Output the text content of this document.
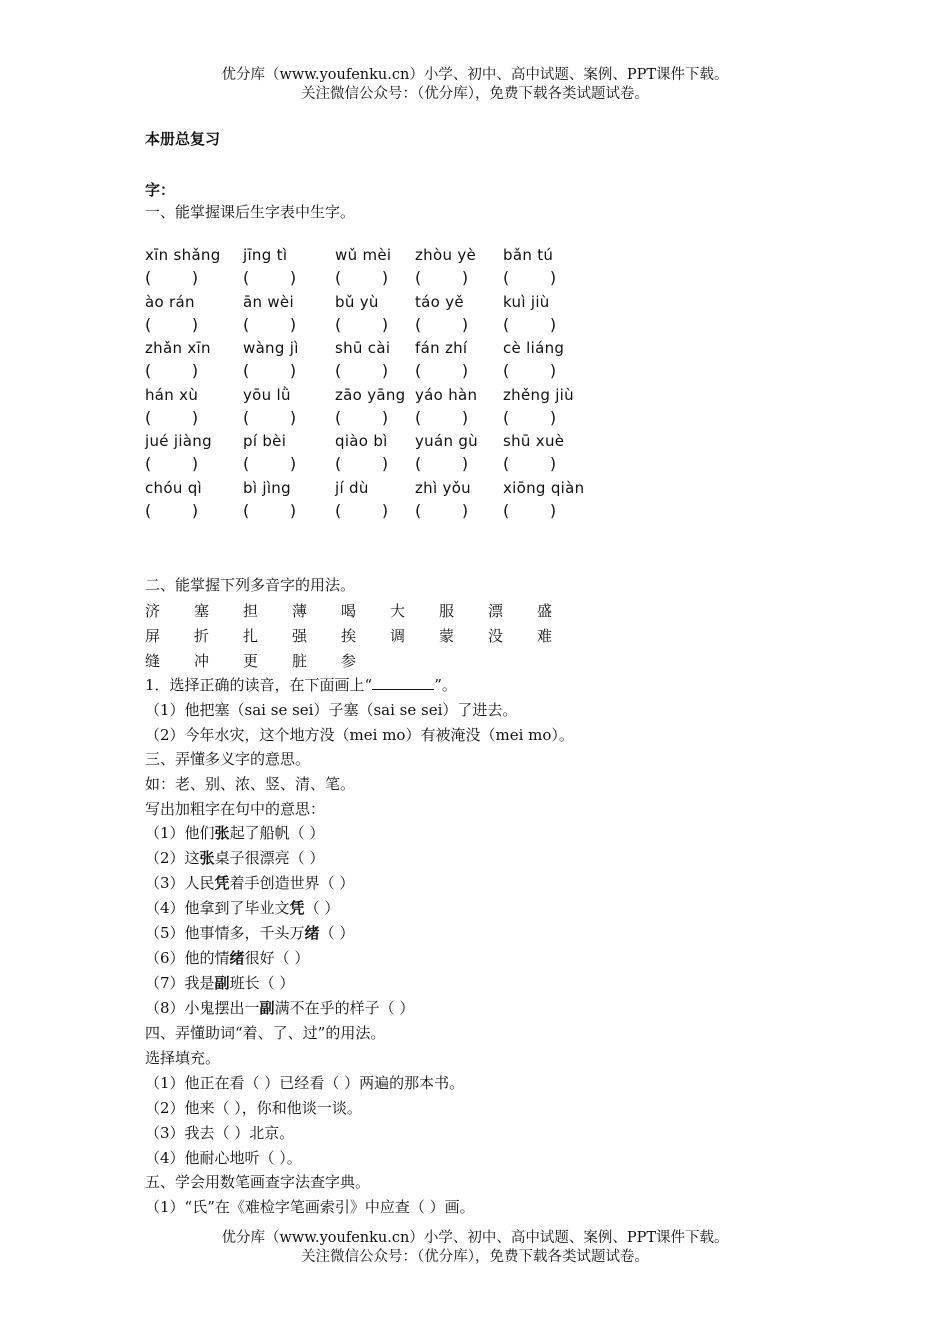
优分库（www.youfenku.cn）小学、初中、高中试题、案例、PPT课件下载。
关注微信公众号：（优分库），免费下载各类试题试卷。
本册总复习
字：
一、能掌握课后生字表中生字。
xīn shǎng
(        )
jīng tì
(        )
wǔ mèi
(        )
zhòu yè
(        )
bǎn tú
(        )
ào rán
(        )
ān wèi
(        )
bǔ yù
(        )
táo yě
(        )
kuì jiù
(        )
zhǎn xīn
(        )
wàng jì
(        )
shū cài
(        )
fán zhí
(        )
cè liáng
(        )
hán xù
(        )
yōu lǜ
(        )
zāo yāng
(        )
yáo hàn
(        )
zhěng jiù
(        )
jué jiàng
(        )
pí bèi
(        )
qiào bì
(        )
yuán gù
(        )
shū xuè
(        )
chóu qì
(        )
bì jìng
(        )
jí dù
(        )
zhì yǒu
(        )
xiōng qiàn
(        )
二、能掌握下列多音字的用法。
济 塞 担 薄 喝 大 服 漂 盛
屏 折 扎 强 挨 调 蒙 没 难
缝 冲 更 脏 参
1．选择正确的读音，在下面画上“	”。
（1）他把塞（sai se sei）子塞（sai se sei）了进去。
（2）今年水灾，这个地方没（mei mo）有被淹没（mei mo）。
三、弄懂多义字的意思。
如：老、别、浓、竖、清、笔。
写出加粗字在句中的意思：
（1）他们张起了船帆（ ）
（2）这张桌子很漂亮（ ）
（3）人民凭着手创造世界（ ）
（4）他拿到了毕业文凭（ ）
（5）他事情多，千头万绪（ ）
（6）他的情绪很好（ ）
（7）我是副班长（ ）
（8）小鬼摆出一副满不在乎的样子（ ）
四、弄懂助词“着、了、过”的用法。
选择填充。
（1）他正在看（ ）已经看（ ）两遍的那本书。
（2）他来（ ），你和他谈一谈。
（3）我去（ ）北京。
（4）他耐心地听（ ）。
五、学会用数笔画查字法查字典。
（1）“氏”在《难检字笔画索引》中应查（ ）画。
优分库（www.youfenku.cn）小学、初中、高中试题、案例、PPT课件下载。
关注微信公众号：（优分库），免费下载各类试题试卷。
